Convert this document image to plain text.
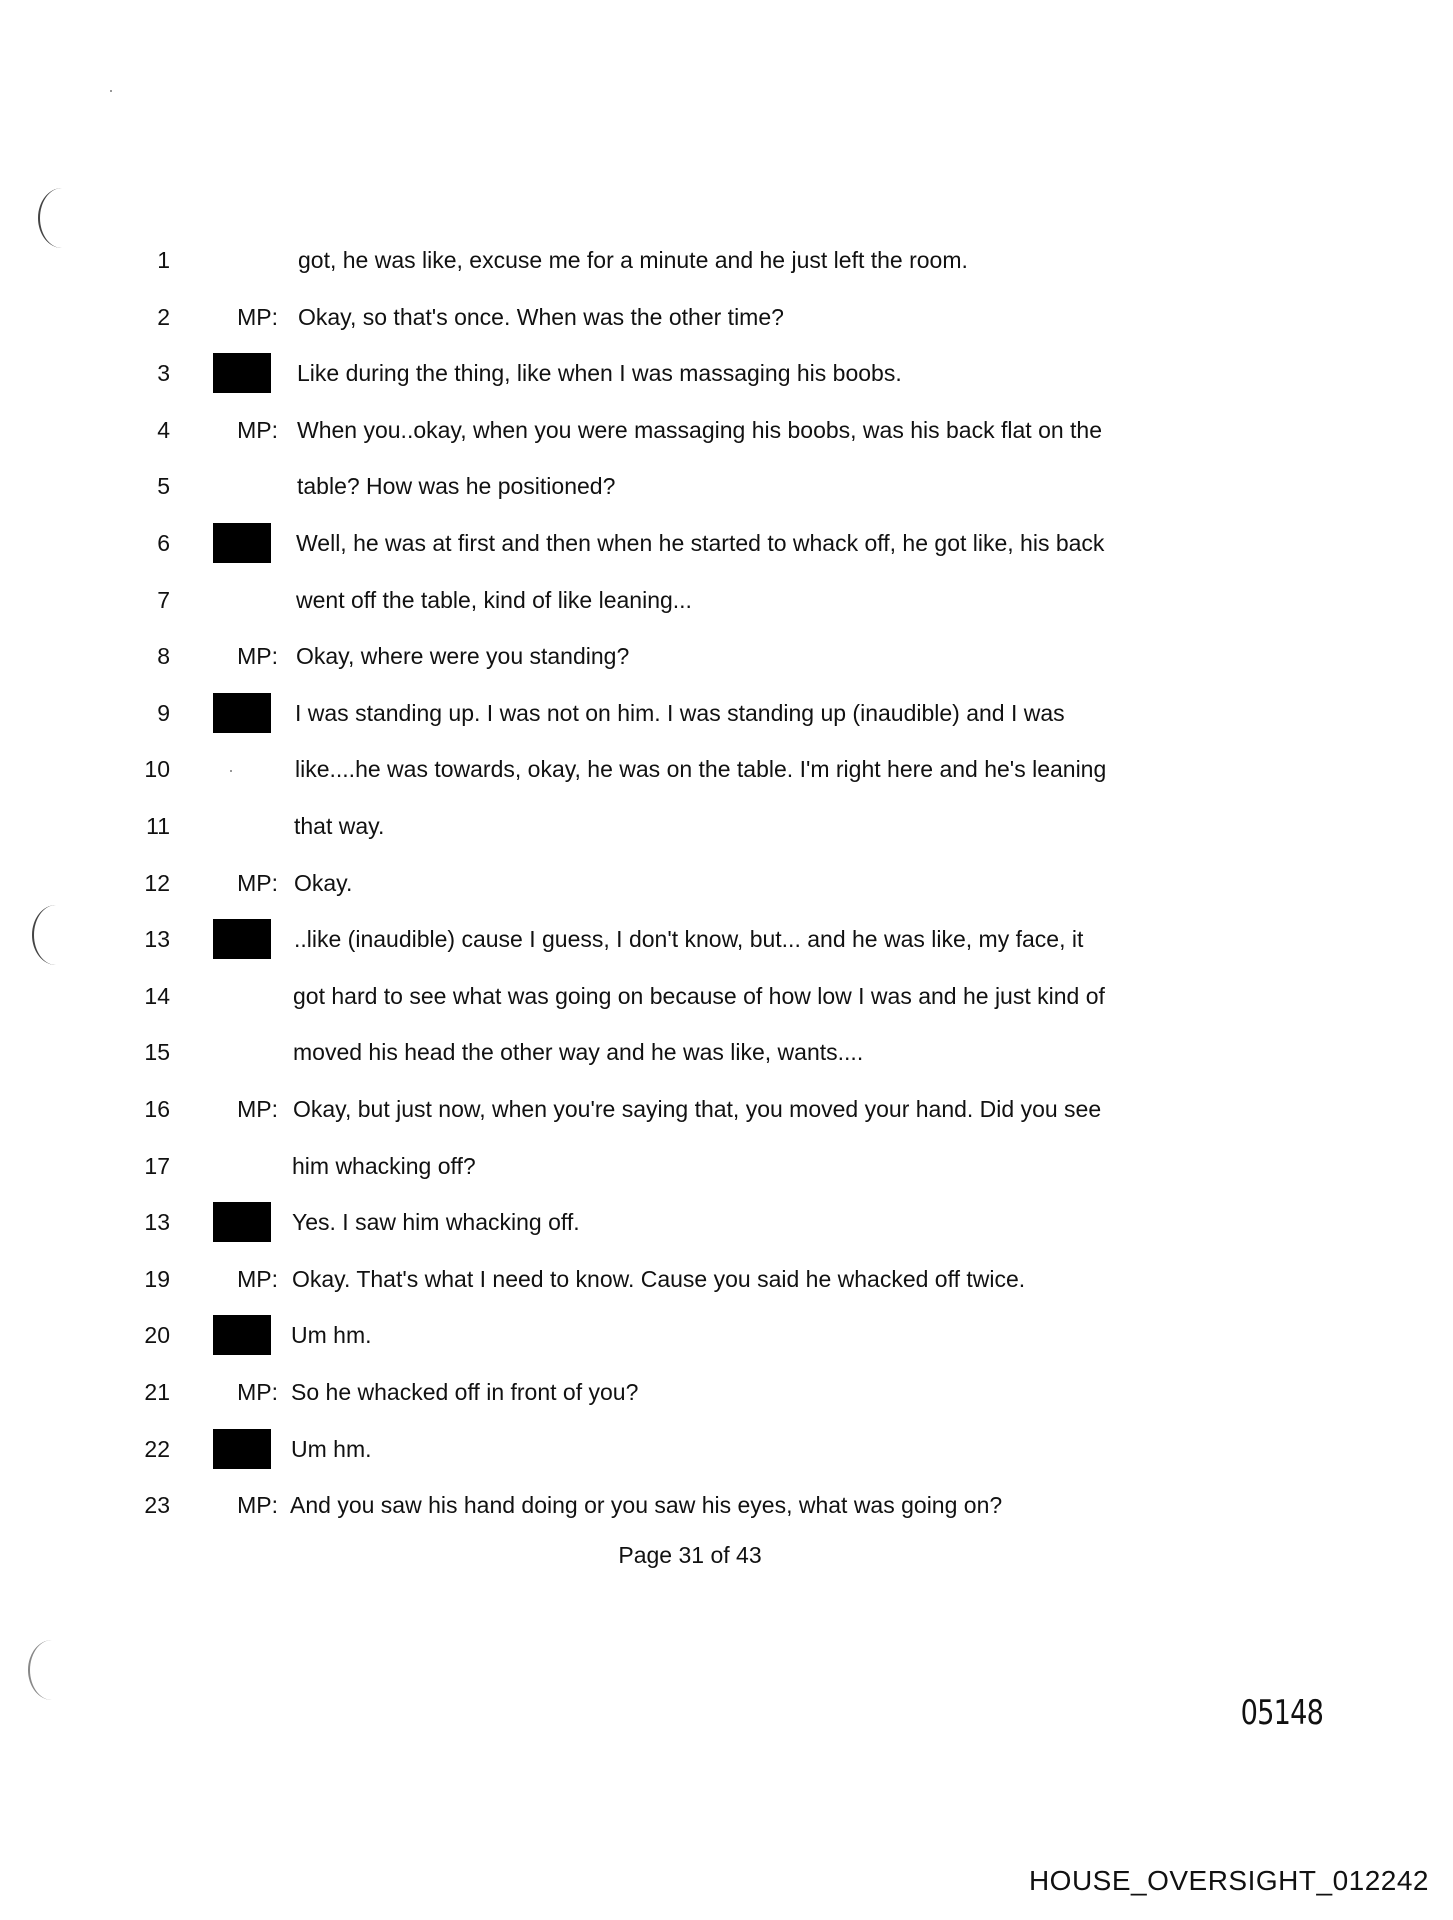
1	got, he was like, excuse me for a minute and he just left the room.
2	MP: Okay, so that's once. When was the other time?
3	Like during the thing, like when I was massaging his boobs.
4	MP: When you..okay, when you were massaging his boobs, was his back flat on the
5	table? How was he positioned?
6	Well, he was at first and then when he started to whack off, he got like, his back
7	went off the table, kind of like leaning...
8	MP: Okay, where were you standing?
9	I was standing up. I was not on him. I was standing up (inaudible) and I was
10	like....he was towards, okay, he was on the table. I'm right here and he's leaning
11	that way.
12	MP: Okay.
13	..like (inaudible) cause I guess, I don't know, but... and he was like, my face, it
14	got hard to see what was going on because of how low I was and he just kind of
15	moved his head the other way and he was like, wants....
16	MP: Okay, but just now, when you're saying that, you moved your hand. Did you see
17	him whacking off?
13	Yes. I saw him whacking off.
19	MP: Okay. That's what I need to know. Cause you said he whacked off twice.
20	Um hm.
21	MP: So he whacked off in front of you?
22	Um hm.
23	MP: And you saw his hand doing or you saw his eyes, what was going on?
Page 31 of 43
05148
HOUSE_OVERSIGHT_012242
